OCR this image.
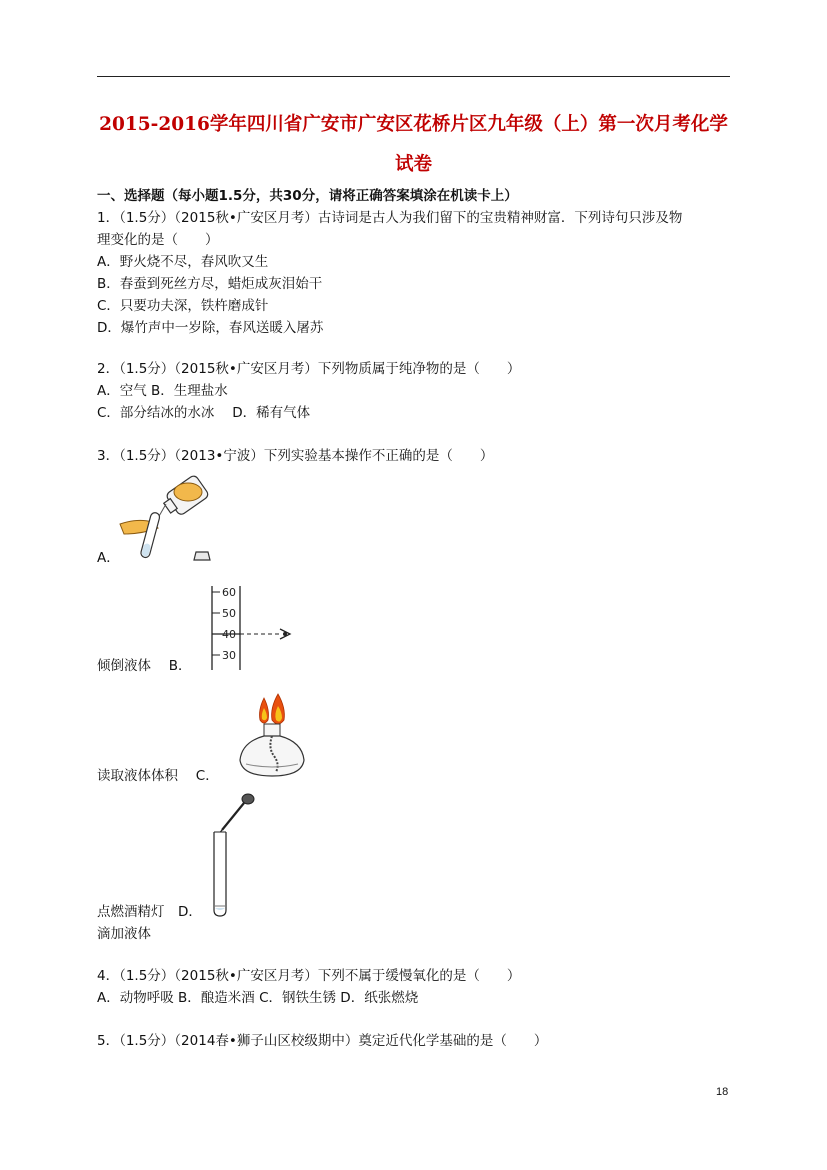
2015-2016学年四川省广安市广安区花桥片区九年级（上）第一次月考化学
试卷
一、选择题（每小题1.5分，共30分，请将正确答案填涂在机读卡上）
1．（1.5分）（2015秋•广安区月考）古诗词是古人为我们留下的宝贵精神财富．下列诗句只涉及物
理变化的是（　　）
A．野火烧不尽，春风吹又生
B．春蚕到死丝方尽，蜡炬成灰泪始干
C．只要功夫深，铁杵磨成针
D．爆竹声中一岁除，春风送暖入屠苏
2．（1.5分）（2015秋•广安区月考）下列物质属于纯净物的是（　　）
A．空气 B．生理盐水
C．部分结冰的水冰　 D．稀有气体
3．（1.5分）（2013•宁波）下列实验基本操作不正确的是（　　）
A．
60
50
40
30
倾倒液体　 B．
读取液体体积　 C．
点燃酒精灯　D．
滴加液体
4．（1.5分）（2015秋•广安区月考）下列不属于缓慢氧化的是（　　）
A．动物呼吸 B．酿造米酒 C．钢铁生锈 D．纸张燃烧
5．（1.5分）（2014春•狮子山区校级期中）奠定近代化学基础的是（　　）
18
